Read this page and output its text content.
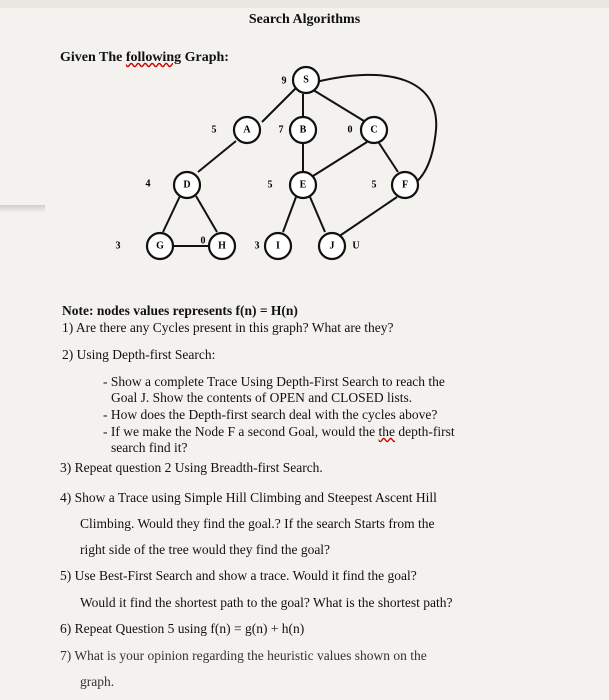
Search Algorithms
Given The following Graph:
S
9
A
5	B
7	C
0
D
4	E
5	F
5
G
3	H
0	I
3	J U
Note: nodes values represents f(n) = H(n)
1) Are there any Cycles present in this graph? What are they?
2) Using Depth-first Search:
- Show a complete Trace Using Depth-First Search to reach the
Goal J. Show the contents of OPEN and CLOSED lists.
- How does the Depth-first search deal with the cycles above?
- If we make the Node F a second Goal, would the the depth-first
search find it?
3) Repeat question 2 Using Breadth-first Search.
4) Show a Trace using Simple Hill Climbing and Steepest Ascent Hill
Climbing. Would they find the goal.? If the search Starts from the
right side of the tree would they find the goal?
5) Use Best-First Search and show a trace. Would it find the goal?
Would it find the shortest path to the goal? What is the shortest path?
6) Repeat Question 5 using f(n) = g(n) + h(n)
7) What is your opinion regarding the heuristic values shown on the
graph.
